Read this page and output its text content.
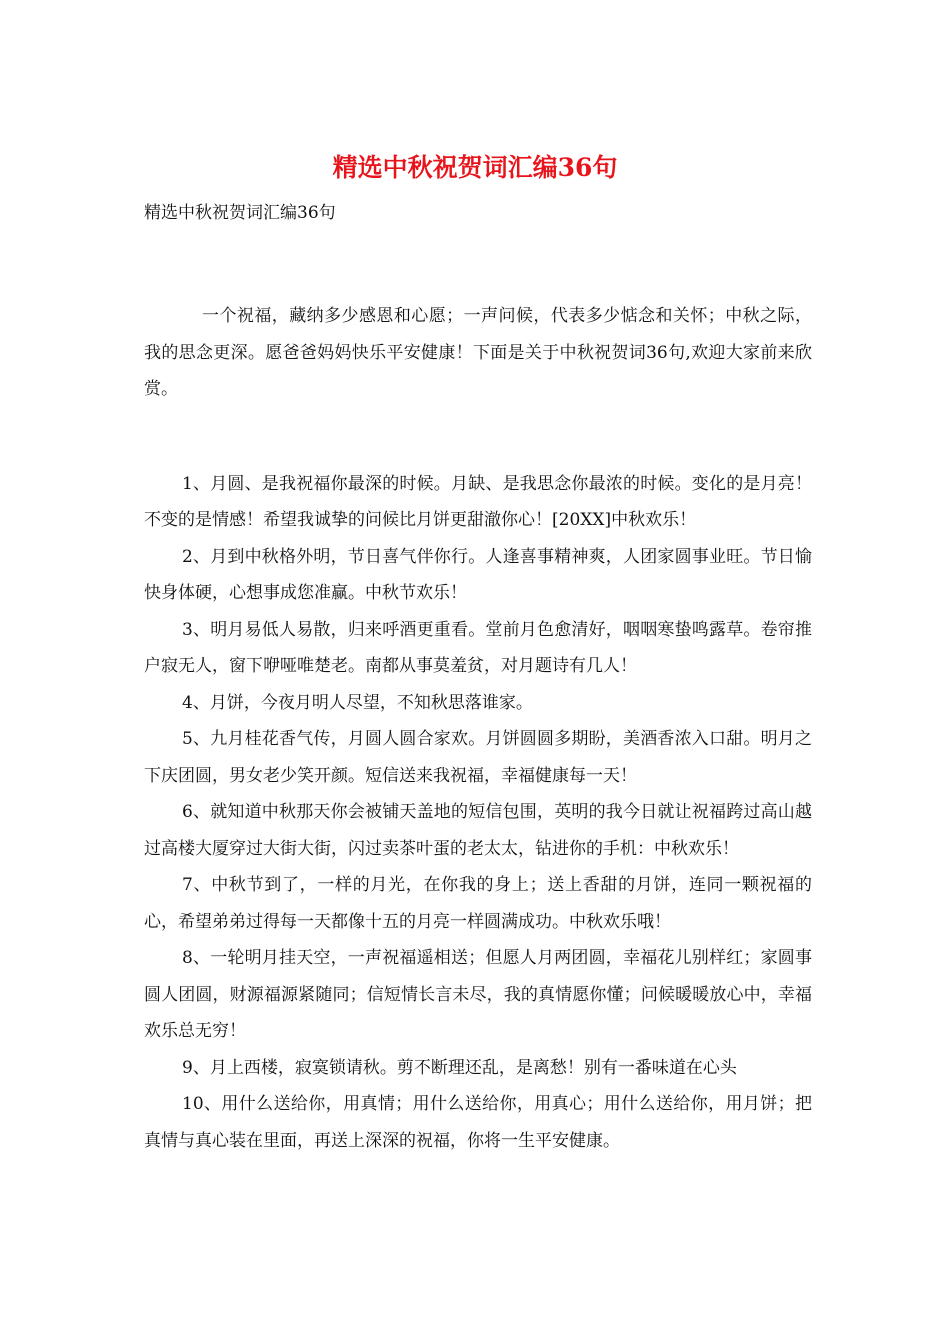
精选中秋祝贺词汇编36句

精选中秋祝贺词汇编36句

一个祝福，藏纳多少感恩和心愿；一声问候，代表多少惦念和关怀；中秋之际，我的思念更深。愿爸爸妈妈快乐平安健康！下面是关于中秋祝贺词36句,欢迎大家前来欣赏。

1、月圆、是我祝福你最深的时候。月缺、是我思念你最浓的时候。变化的是月亮！不变的是情感！希望我诚挚的问候比月饼更甜澈你心！[20XX]中秋欢乐！

2、月到中秋格外明，节日喜气伴你行。人逢喜事精神爽，人团家圆事业旺。节日愉快身体硬，心想事成您准赢。中秋节欢乐！

3、明月易低人易散，归来呼酒更重看。堂前月色愈清好，咽咽寒蛰鸣露草。卷帘推户寂无人，窗下咿哑唯楚老。南都从事莫羞贫，对月题诗有几人！

4、月饼，今夜月明人尽望，不知秋思落谁家。

5、九月桂花香气传，月圆人圆合家欢。月饼圆圆多期盼，美酒香浓入口甜。明月之下庆团圆，男女老少笑开颜。短信送来我祝福，幸福健康每一天！

6、就知道中秋那天你会被铺天盖地的短信包围，英明的我今日就让祝福跨过高山越过高楼大厦穿过大街大街，闪过卖茶叶蛋的老太太，钻进你的手机：中秋欢乐！

7、中秋节到了，一样的月光，在你我的身上；送上香甜的月饼，连同一颗祝福的心，希望弟弟过得每一天都像十五的月亮一样圆满成功。中秋欢乐哦！

8、一轮明月挂天空，一声祝福遥相送；但愿人月两团圆，幸福花儿别样红；家圆事圆人团圆，财源福源紧随同；信短情长言未尽，我的真情愿你懂；问候暖暖放心中，幸福欢乐总无穷！

9、月上西楼，寂寞锁请秋。剪不断理还乱，是离愁！别有一番味道在心头

10、用什么送给你，用真情；用什么送给你，用真心；用什么送给你，用月饼；把真情与真心装在里面，再送上深深的祝福，你将一生平安健康。
